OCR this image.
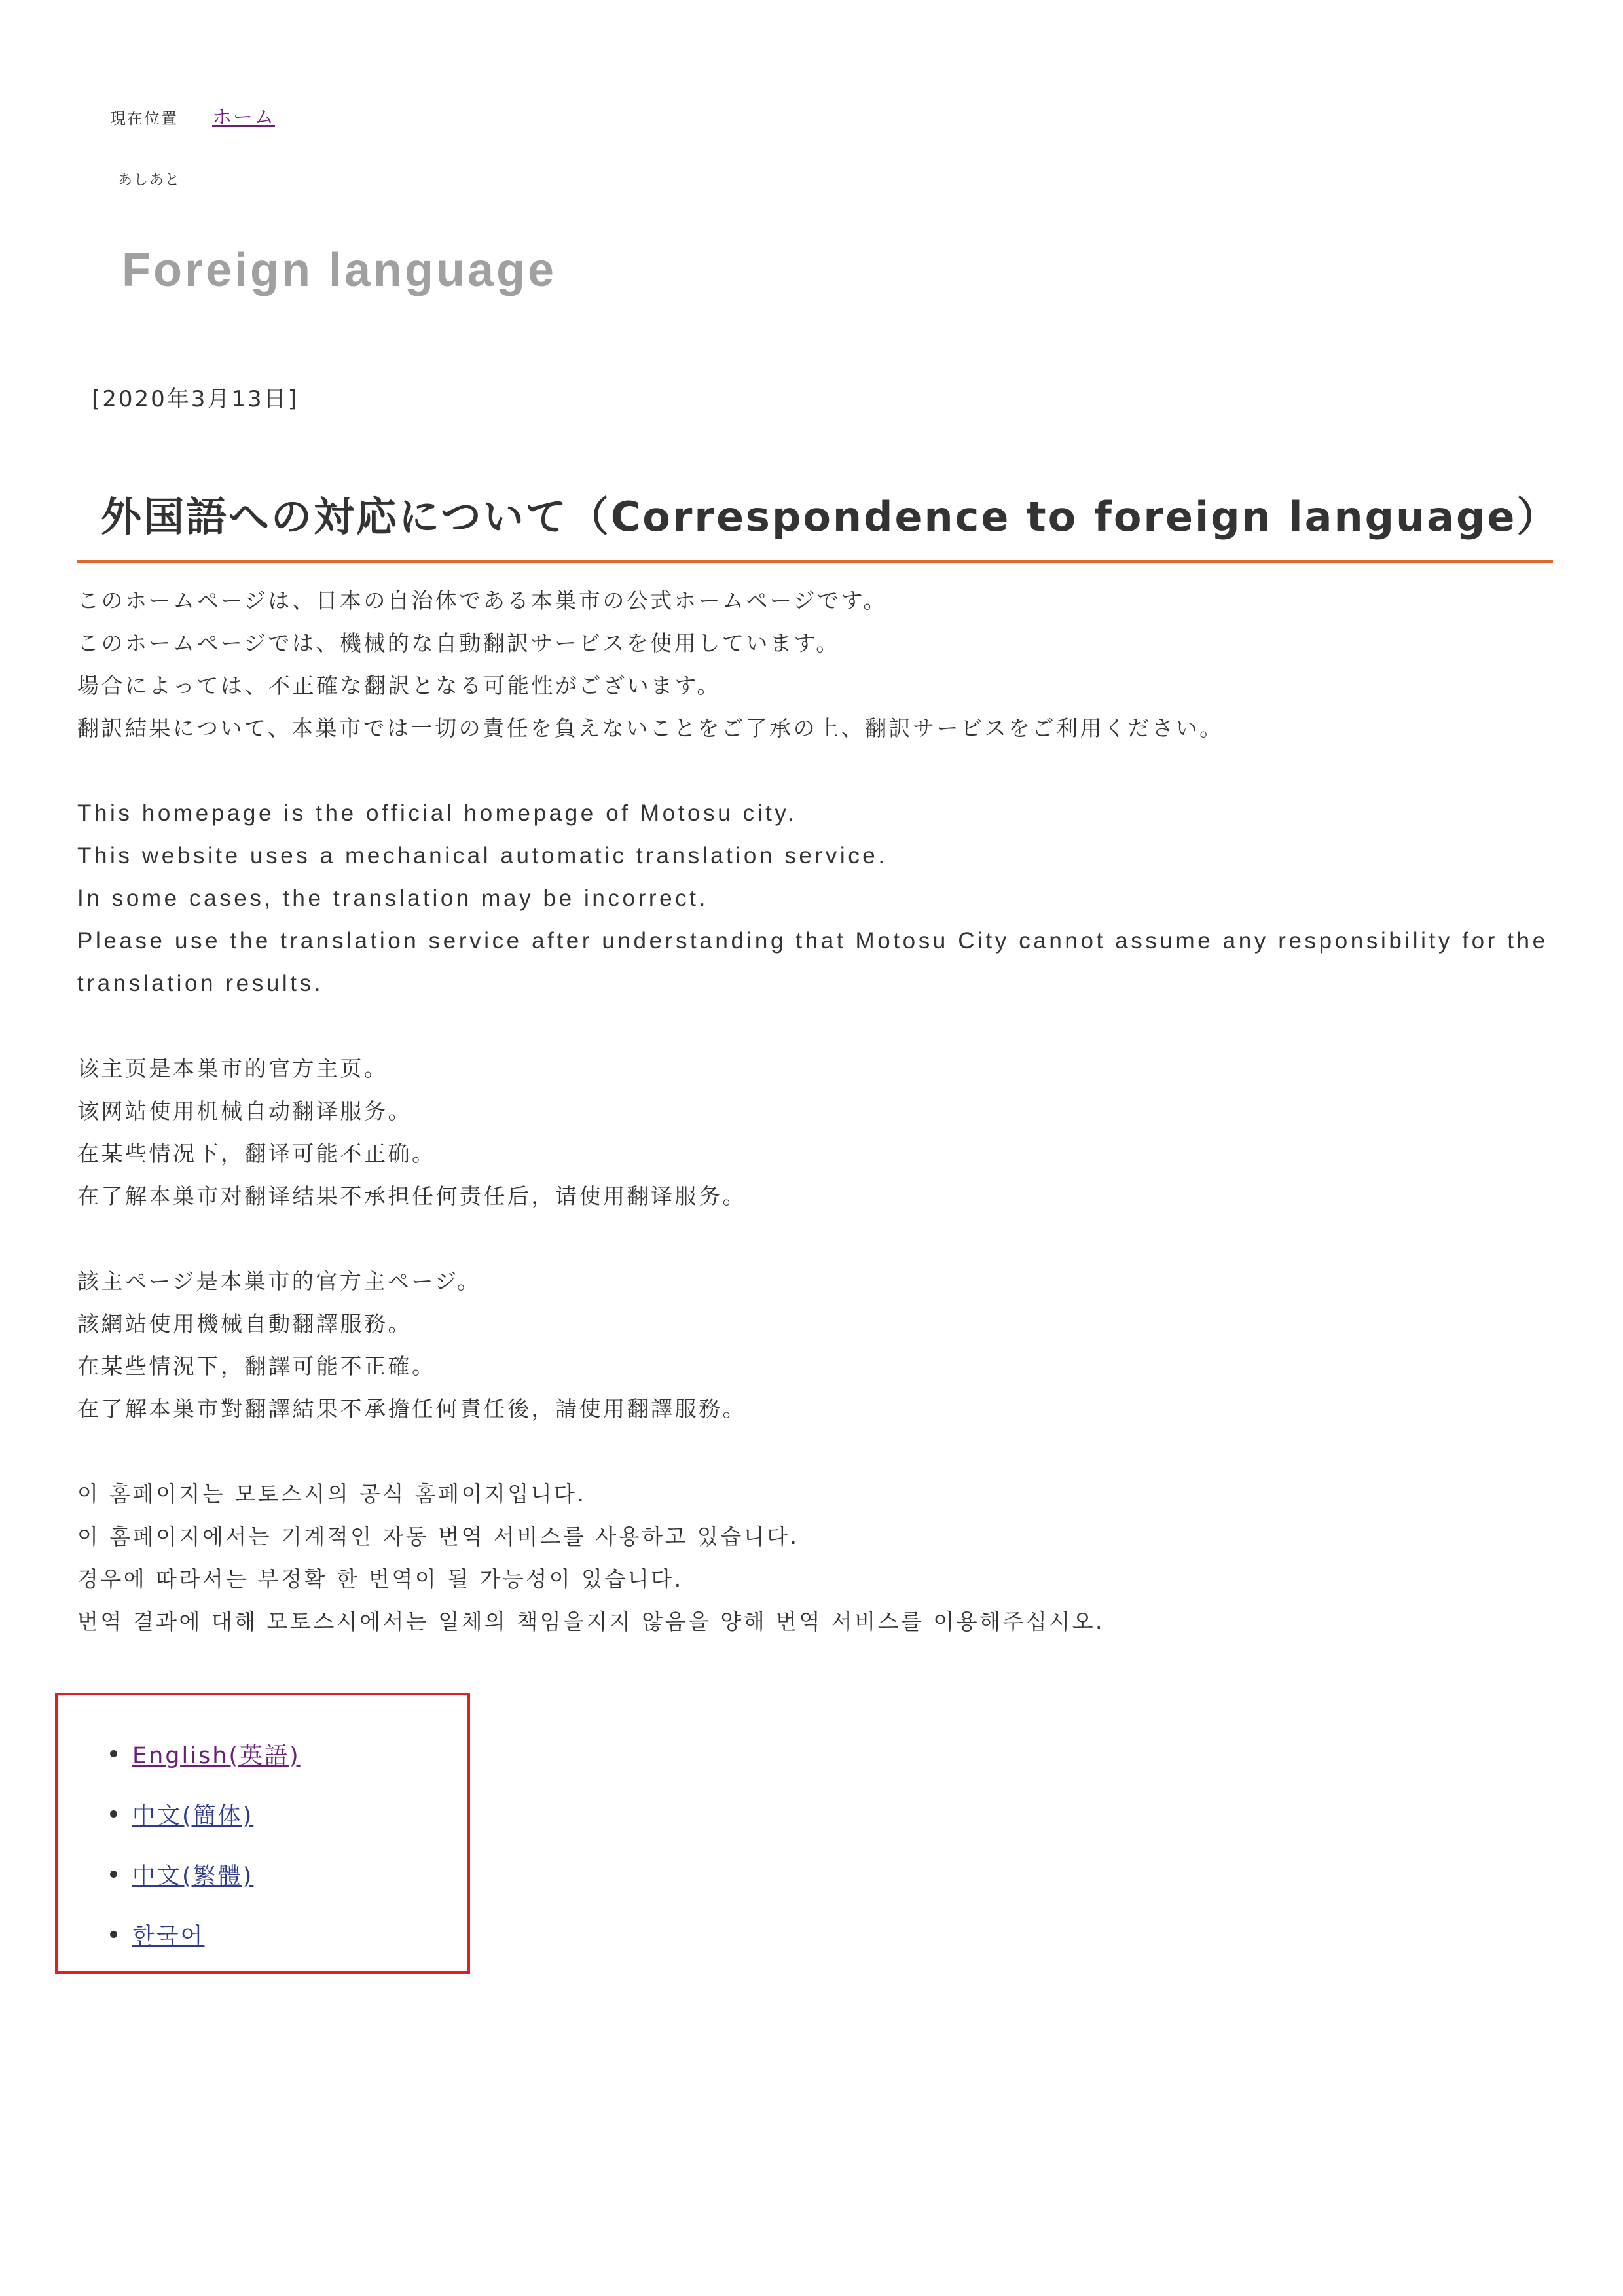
現在位置 ホーム
あしあと
Foreign language
[2020年3月13日]
外国語への対応について（Correspondence to foreign language）
このホームページは、日本の自治体である本巣市の公式ホームページです。
このホームページでは、機械的な自動翻訳サービスを使用しています。
場合によっては、不正確な翻訳となる可能性がございます。
翻訳結果について、本巣市では一切の責任を負えないことをご了承の上、翻訳サービスをご利用ください。
This homepage is the official homepage of Motosu city.
This website uses a mechanical automatic translation service.
In some cases, the translation may be incorrect.
Please use the translation service after understanding that Motosu City cannot assume any responsibility for the
translation results.
该主页是本巣市的官方主页。
该网站使用机械自动翻译服务。
在某些情况下，翻译可能不正确。
在了解本巣市对翻译结果不承担任何责任后，请使用翻译服务。
該主ページ是本巣市的官方主ページ。
該網站使用機械自動翻譯服務。
在某些情況下，翻譯可能不正確。
在了解本巣市對翻譯結果不承擔任何責任後，請使用翻譯服務。
이 홈페이지는 모토스시의 공식 홈페이지입니다.
이 홈페이지에서는 기계적인 자동 번역 서비스를 사용하고 있습니다.
경우에 따라서는 부정확 한 번역이 될 가능성이 있습니다.
번역 결과에 대해 모토스시에서는 일체의 책임을지지 않음을 양해 번역 서비스를 이용해주십시오.
English(英語)
中文(簡体)
中文(繁體)
한국어
